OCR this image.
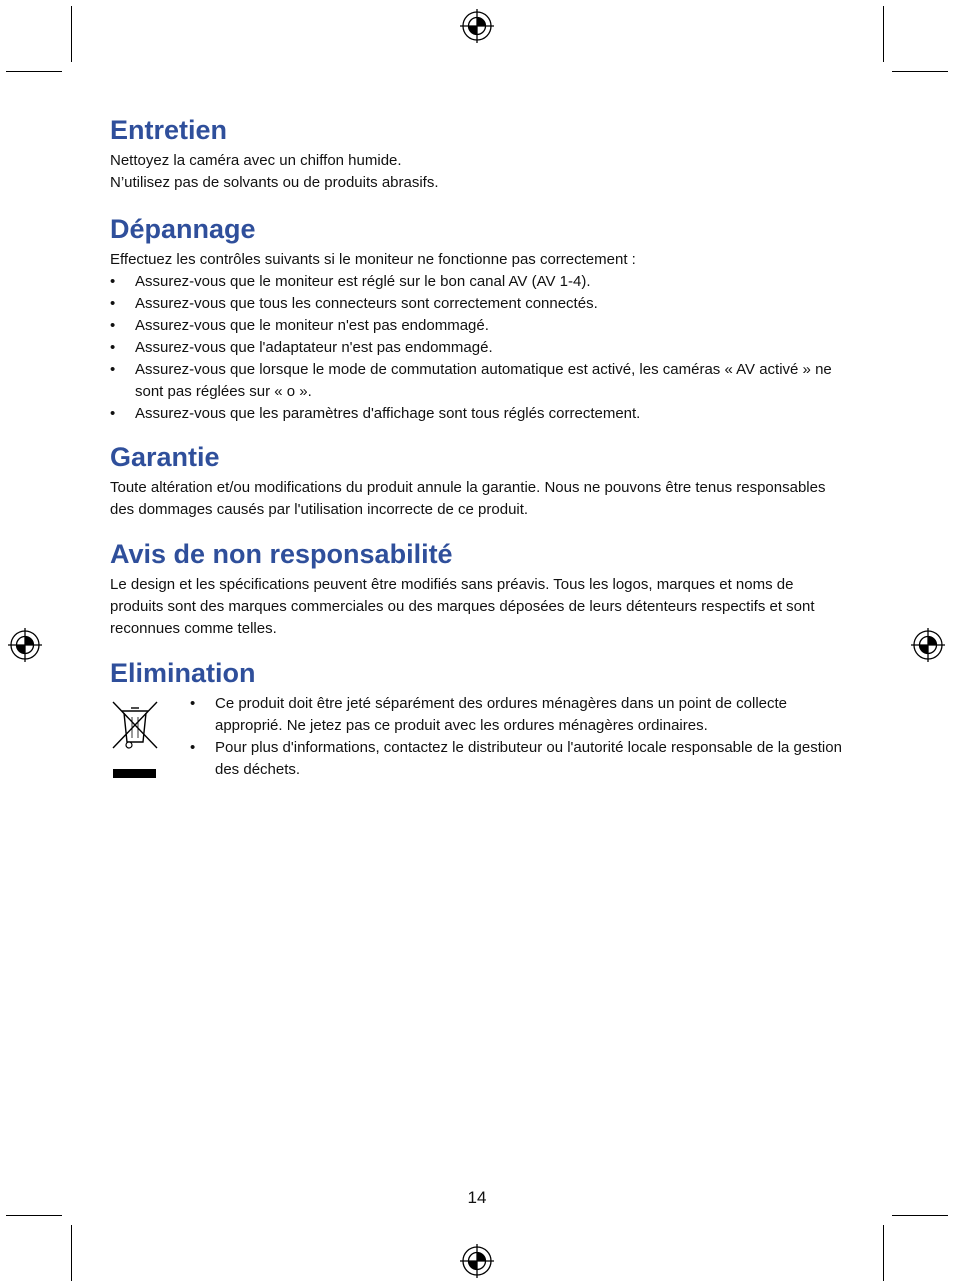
Entretien

Nettoyez la caméra avec un chiffon humide.

N’utilisez pas de solvants ou de produits abrasifs.

Dépannage

Effectuez les contrôles suivants si le moniteur ne fonctionne pas correctement :

• Assurez-vous que le moniteur est réglé sur le bon canal AV (AV 1-4).
• Assurez-vous que tous les connecteurs sont correctement connectés.
• Assurez-vous que le moniteur n'est pas endommagé.
• Assurez-vous que l'adaptateur n'est pas endommagé.
• Assurez-vous que lorsque le mode de commutation automatique est activé, les caméras « AV activé » ne sont pas réglées sur « o ».
• Assurez-vous que les paramètres d'affichage sont tous réglés correctement.
Garantie

Toute altération et/ou modifications du produit annule la garantie. Nous ne pouvons être tenus responsables des dommages causés par l'utilisation incorrecte de ce produit.

Avis de non responsabilité

Le design et les spécifications peuvent être modifiés sans préavis. Tous les logos, marques et noms de produits sont des marques commerciales ou des marques déposées de leurs détenteurs respectifs et sont reconnues comme telles.

Elimination
• Ce produit doit être jeté séparément des ordures ménagères dans un point de collecte approprié. Ne jetez pas ce produit avec les ordures ménagères ordinaires.
• Pour plus d'informations, contactez le distributeur ou l'autorité locale responsable de la gestion des déchets.
14
